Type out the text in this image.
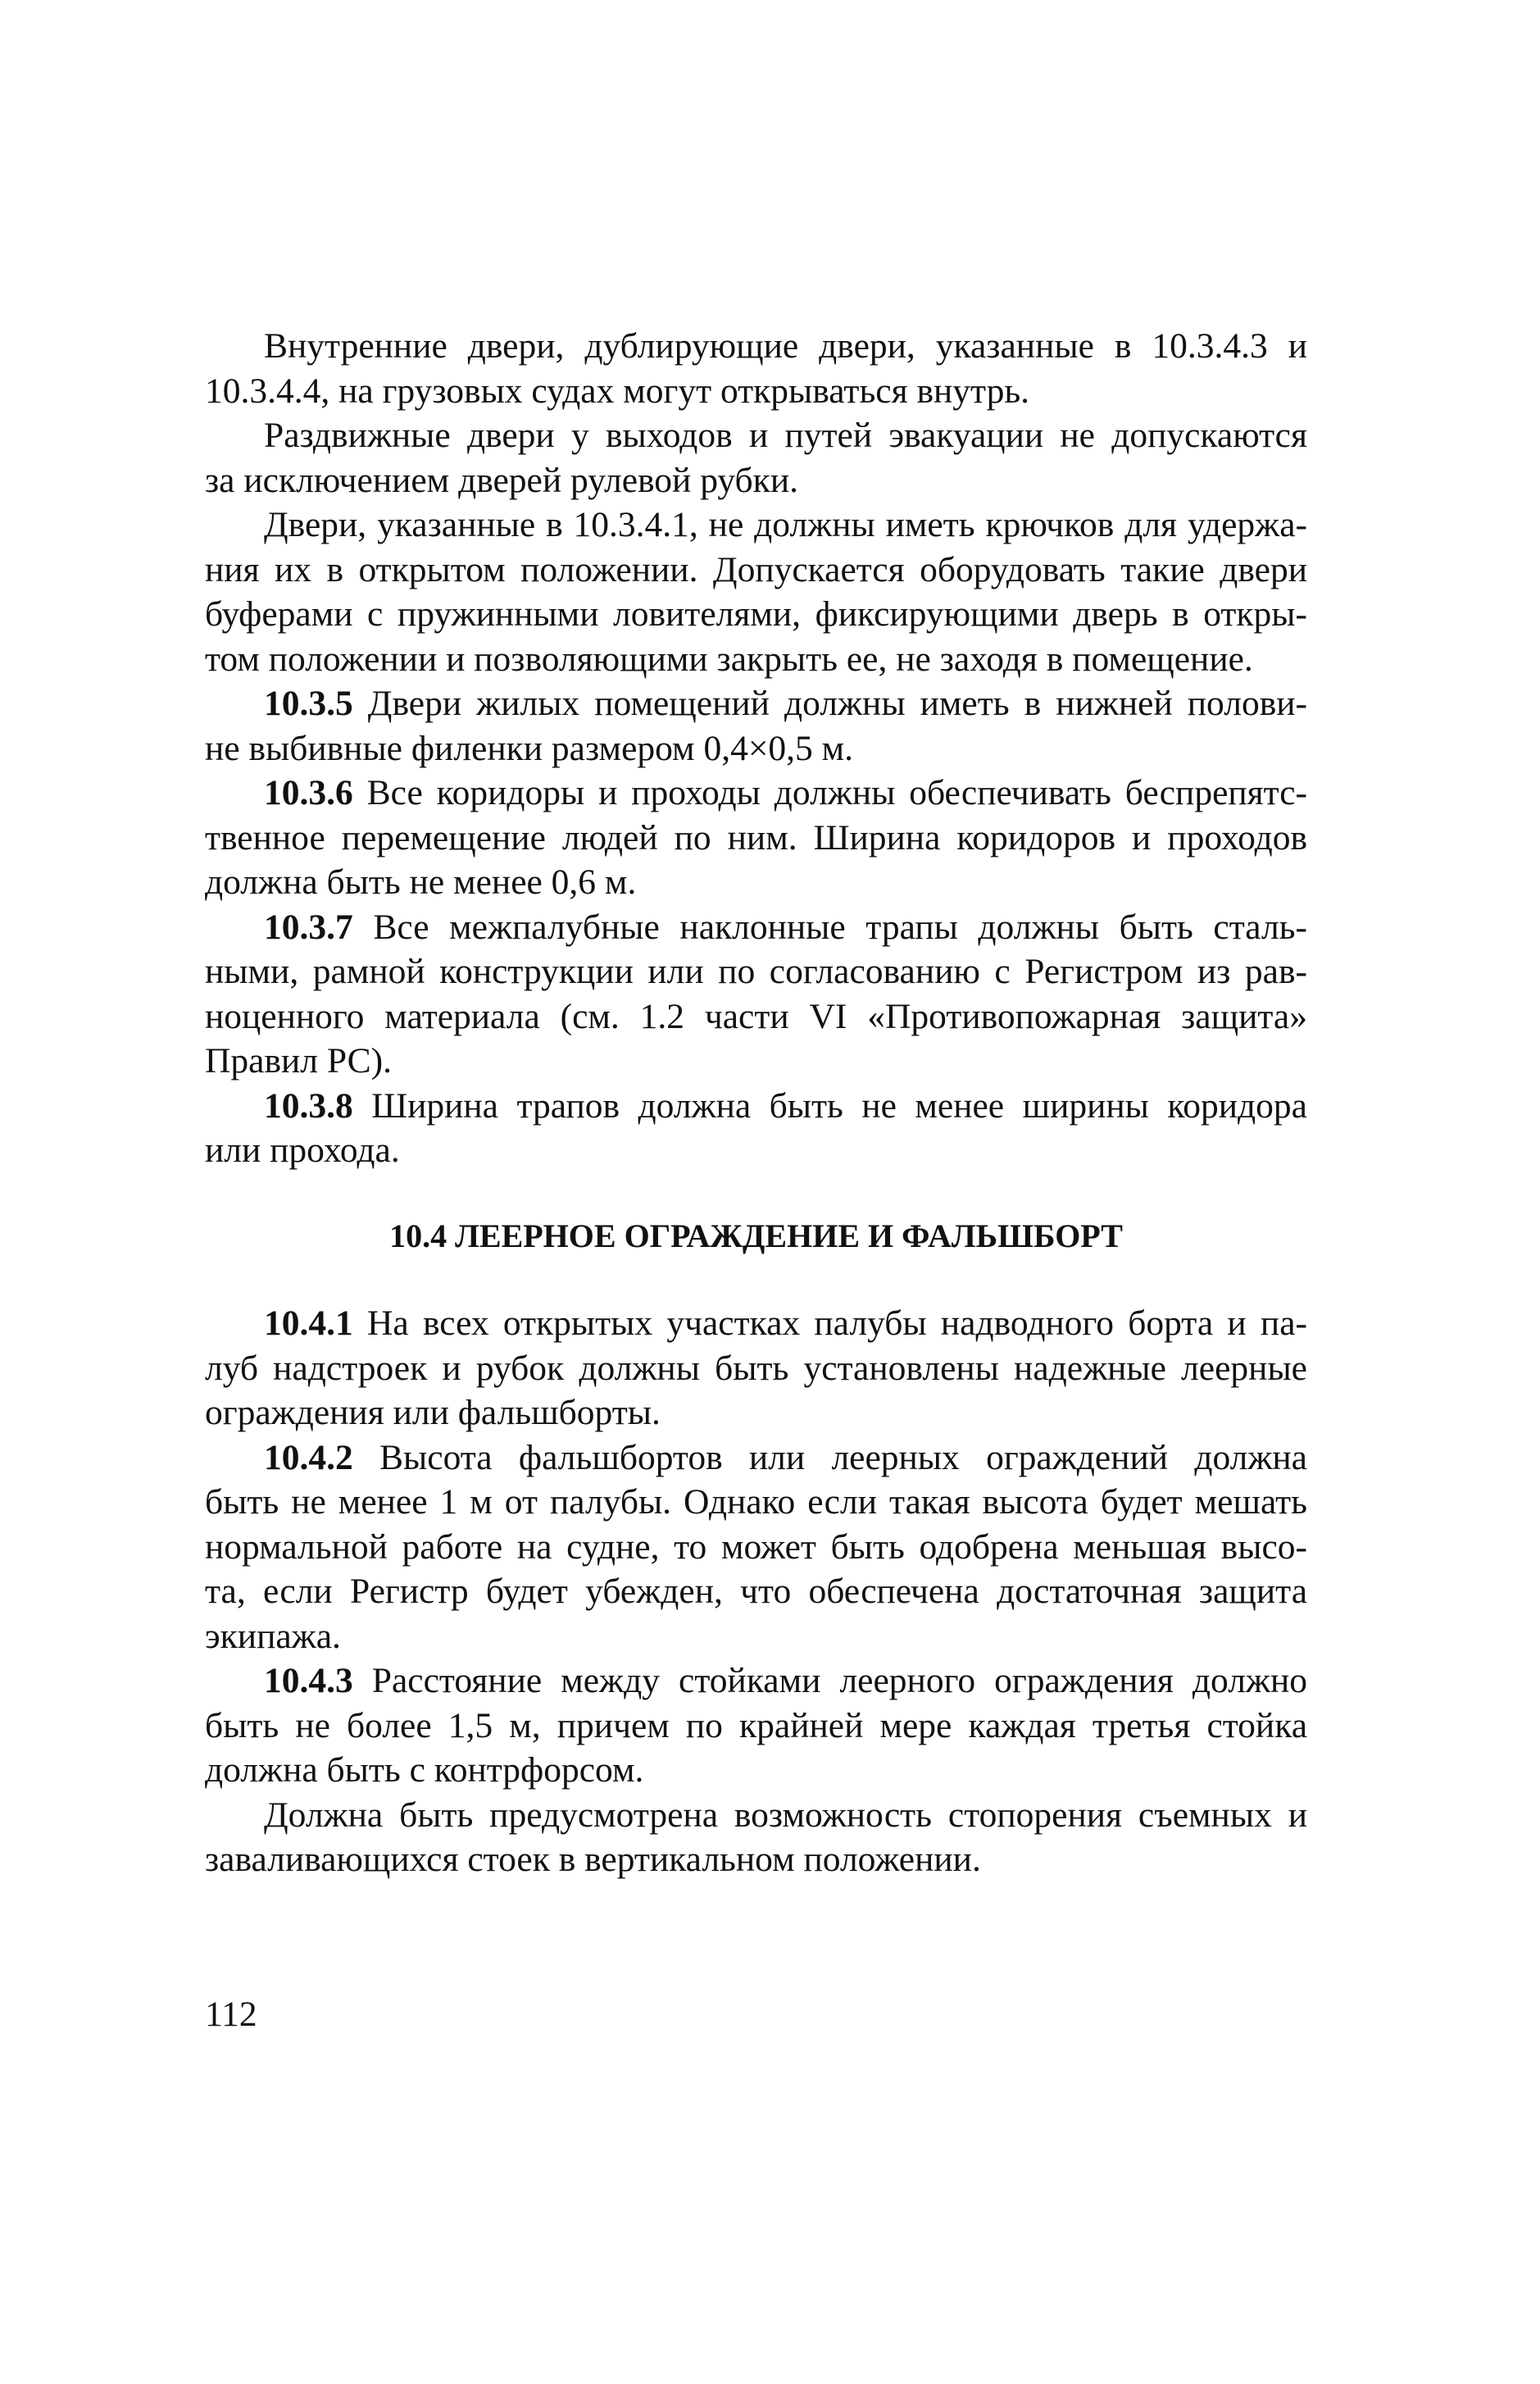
Внутренние двери, дублирующие двери, указанные в 10.3.4.3 и
10.3.4.4, на грузовых судах могут открываться внутрь.
Раздвижные двери у выходов и путей эвакуации не допускаются
за исключением дверей рулевой рубки.
Двери, указанные в 10.3.4.1, не должны иметь крючков для удержа-
ния их в открытом положении. Допускается оборудовать такие двери
буферами с пружинными ловителями, фиксирующими дверь в откры-
том положении и позволяющими закрыть ее, не заходя в помещение.
10.3.5 Двери жилых помещений должны иметь в нижней полови-
не выбивные филенки размером 0,4×0,5 м.
10.3.6 Все коридоры и проходы должны обеспечивать беспрепятс-
твенное перемещение людей по ним. Ширина коридоров и проходов
должна быть не менее 0,6 м.
10.3.7 Все межпалубные наклонные трапы должны быть сталь-
ными, рамной конструкции или по согласованию с Регистром из рав-
ноценного материала (см. 1.2 части VI «Противопожарная защита»
Правил РС).
10.3.8 Ширина трапов должна быть не менее ширины коридора
или прохода.
10.4 ЛЕЕРНОЕ ОГРАЖДЕНИЕ И ФАЛЬШБОРТ
10.4.1 На всех открытых участках палубы надводного борта и па-
луб надстроек и рубок должны быть установлены надежные леерные
ограждения или фальшборты.
10.4.2 Высота фальшбортов или леерных ограждений должна
быть не менее 1 м от палубы. Однако если такая высота будет мешать
нормальной работе на судне, то может быть одобрена меньшая высо-
та, если Регистр будет убежден, что обеспечена достаточная защита
экипажа.
10.4.3 Расстояние между стойками леерного ограждения должно
быть не более 1,5 м, причем по крайней мере каждая третья стойка
должна быть с контрфорсом.
Должна быть предусмотрена возможность стопорения съемных и
заваливающихся стоек в вертикальном положении.
112
